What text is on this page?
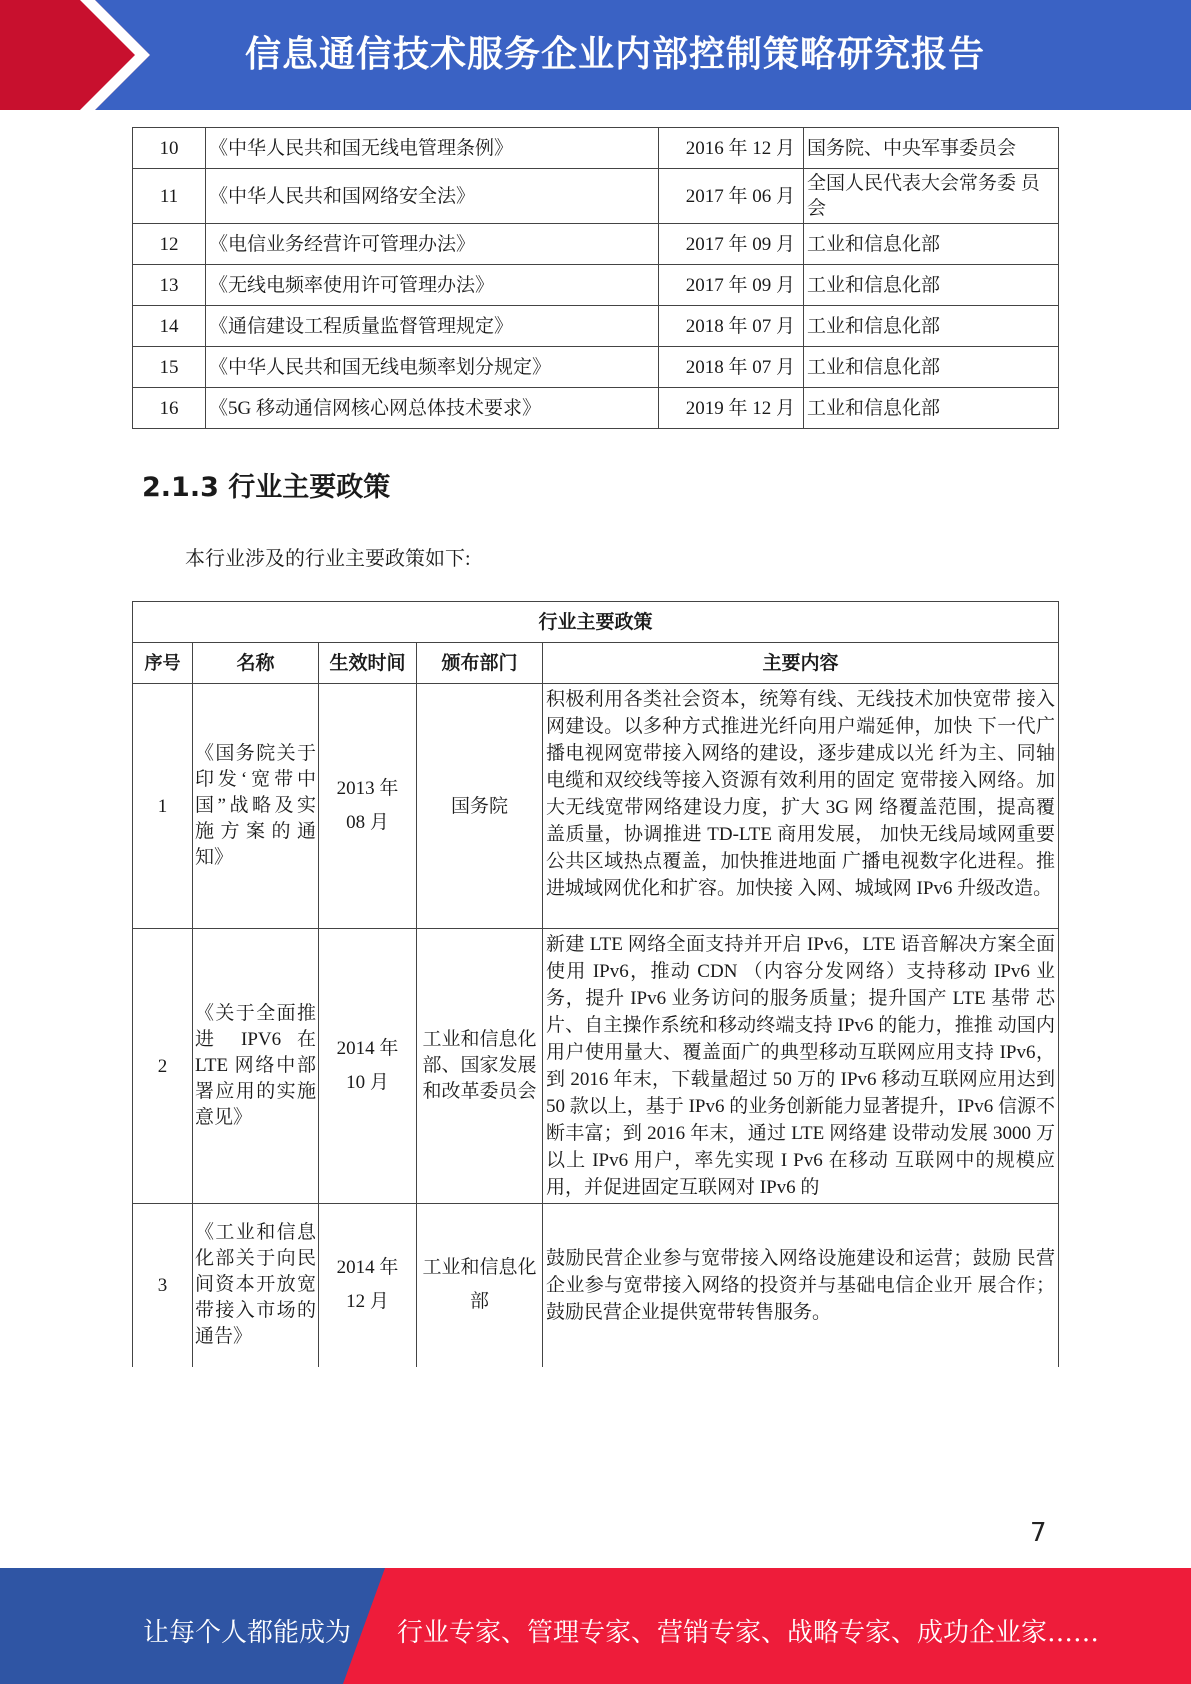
信息通信技术服务企业内部控制策略研究报告
10	《中华人民共和国无线电管理条例》	2016 年 12 月	国务院、中央军事委员会
11	《中华人民共和国网络安全法》	2017 年 06 月	全国人民代表大会常务委 员会
12	《电信业务经营许可管理办法》	2017 年 09 月	工业和信息化部
13	《无线电频率使用许可管理办法》	2017 年 09 月	工业和信息化部
14	《通信建设工程质量监督管理规定》	2018 年 07 月	工业和信息化部
15	《中华人民共和国无线电频率划分规定》	2018 年 07 月	工业和信息化部
16	《5G 移动通信网核心网总体技术要求》	2019 年 12 月	工业和信息化部
2.1.3 行业主要政策
本行业涉及的行业主要政策如下:
行业主要政策				
序号	名称	生效时间	颁布部门	主要内容
1	《国务院关于印发‘宽带中国”战略及实施方案的通知》	2013 年 08 月	国务院	积极利用各类社会资本，统筹有线、无线技术加快宽带 接入网建设。以多种方式推进光纤向用户端延伸，加快 下一代广播电视网宽带接入网络的建设，逐步建成以光 纤为主、同轴电缆和双绞线等接入资源有效利用的固定 宽带接入网络。加大无线宽带网络建设力度，扩大 3G 网 络覆盖范围，提高覆盖质量，协调推进 TD-LTE 商用发展， 加快无线局域网重要公共区域热点覆盖，加快推进地面 广播电视数字化进程。推进城域网优化和扩容。加快接 入网、城域网 IPv6 升级改造。
2	《关于全面推进 IPV6 在 LTE 网络中部署应用的实施意见》	2014 年 10 月	工业和信息化部、国家发展和改革委员会	新建 LTE 网络全面支持并开启 IPv6，LTE 语音解决方案全面使用 IPv6，推动 CDN （内容分发网络）支持移动 IPv6 业务，提升 IPv6 业务访问的服务质量；提升国产 LTE 基带 芯片、自主操作系统和移动终端支持 IPv6 的能力，推推 动国内用户使用量大、覆盖面广的典型移动互联网应用支持 IPv6，到 2016 年末，下载量超过 50 万的 IPv6 移动互联网应用达到 50 款以上，基于 IPv6 的业务创新能力显著提升，IPv6 信源不断丰富；到 2016 年末，通过 LTE 网络建 设带动发展 3000 万以上 IPv6 用户，率先实现 I Pv6 在移动 互联网中的规模应用，并促进固定互联网对 IPv6 的
3	《工业和信息化部关于向民间资本开放宽带接入市场的 通告》	2014 年 12 月	工业和信息化部	鼓励民营企业参与宽带接入网络设施建设和运营；鼓励 民营企业参与宽带接入网络的投资并与基础电信企业开 展合作；鼓励民营企业提供宽带转售服务。
7
让每个人都能成为 行业专家、管理专家、营销专家、战略专家、成功企业家……
